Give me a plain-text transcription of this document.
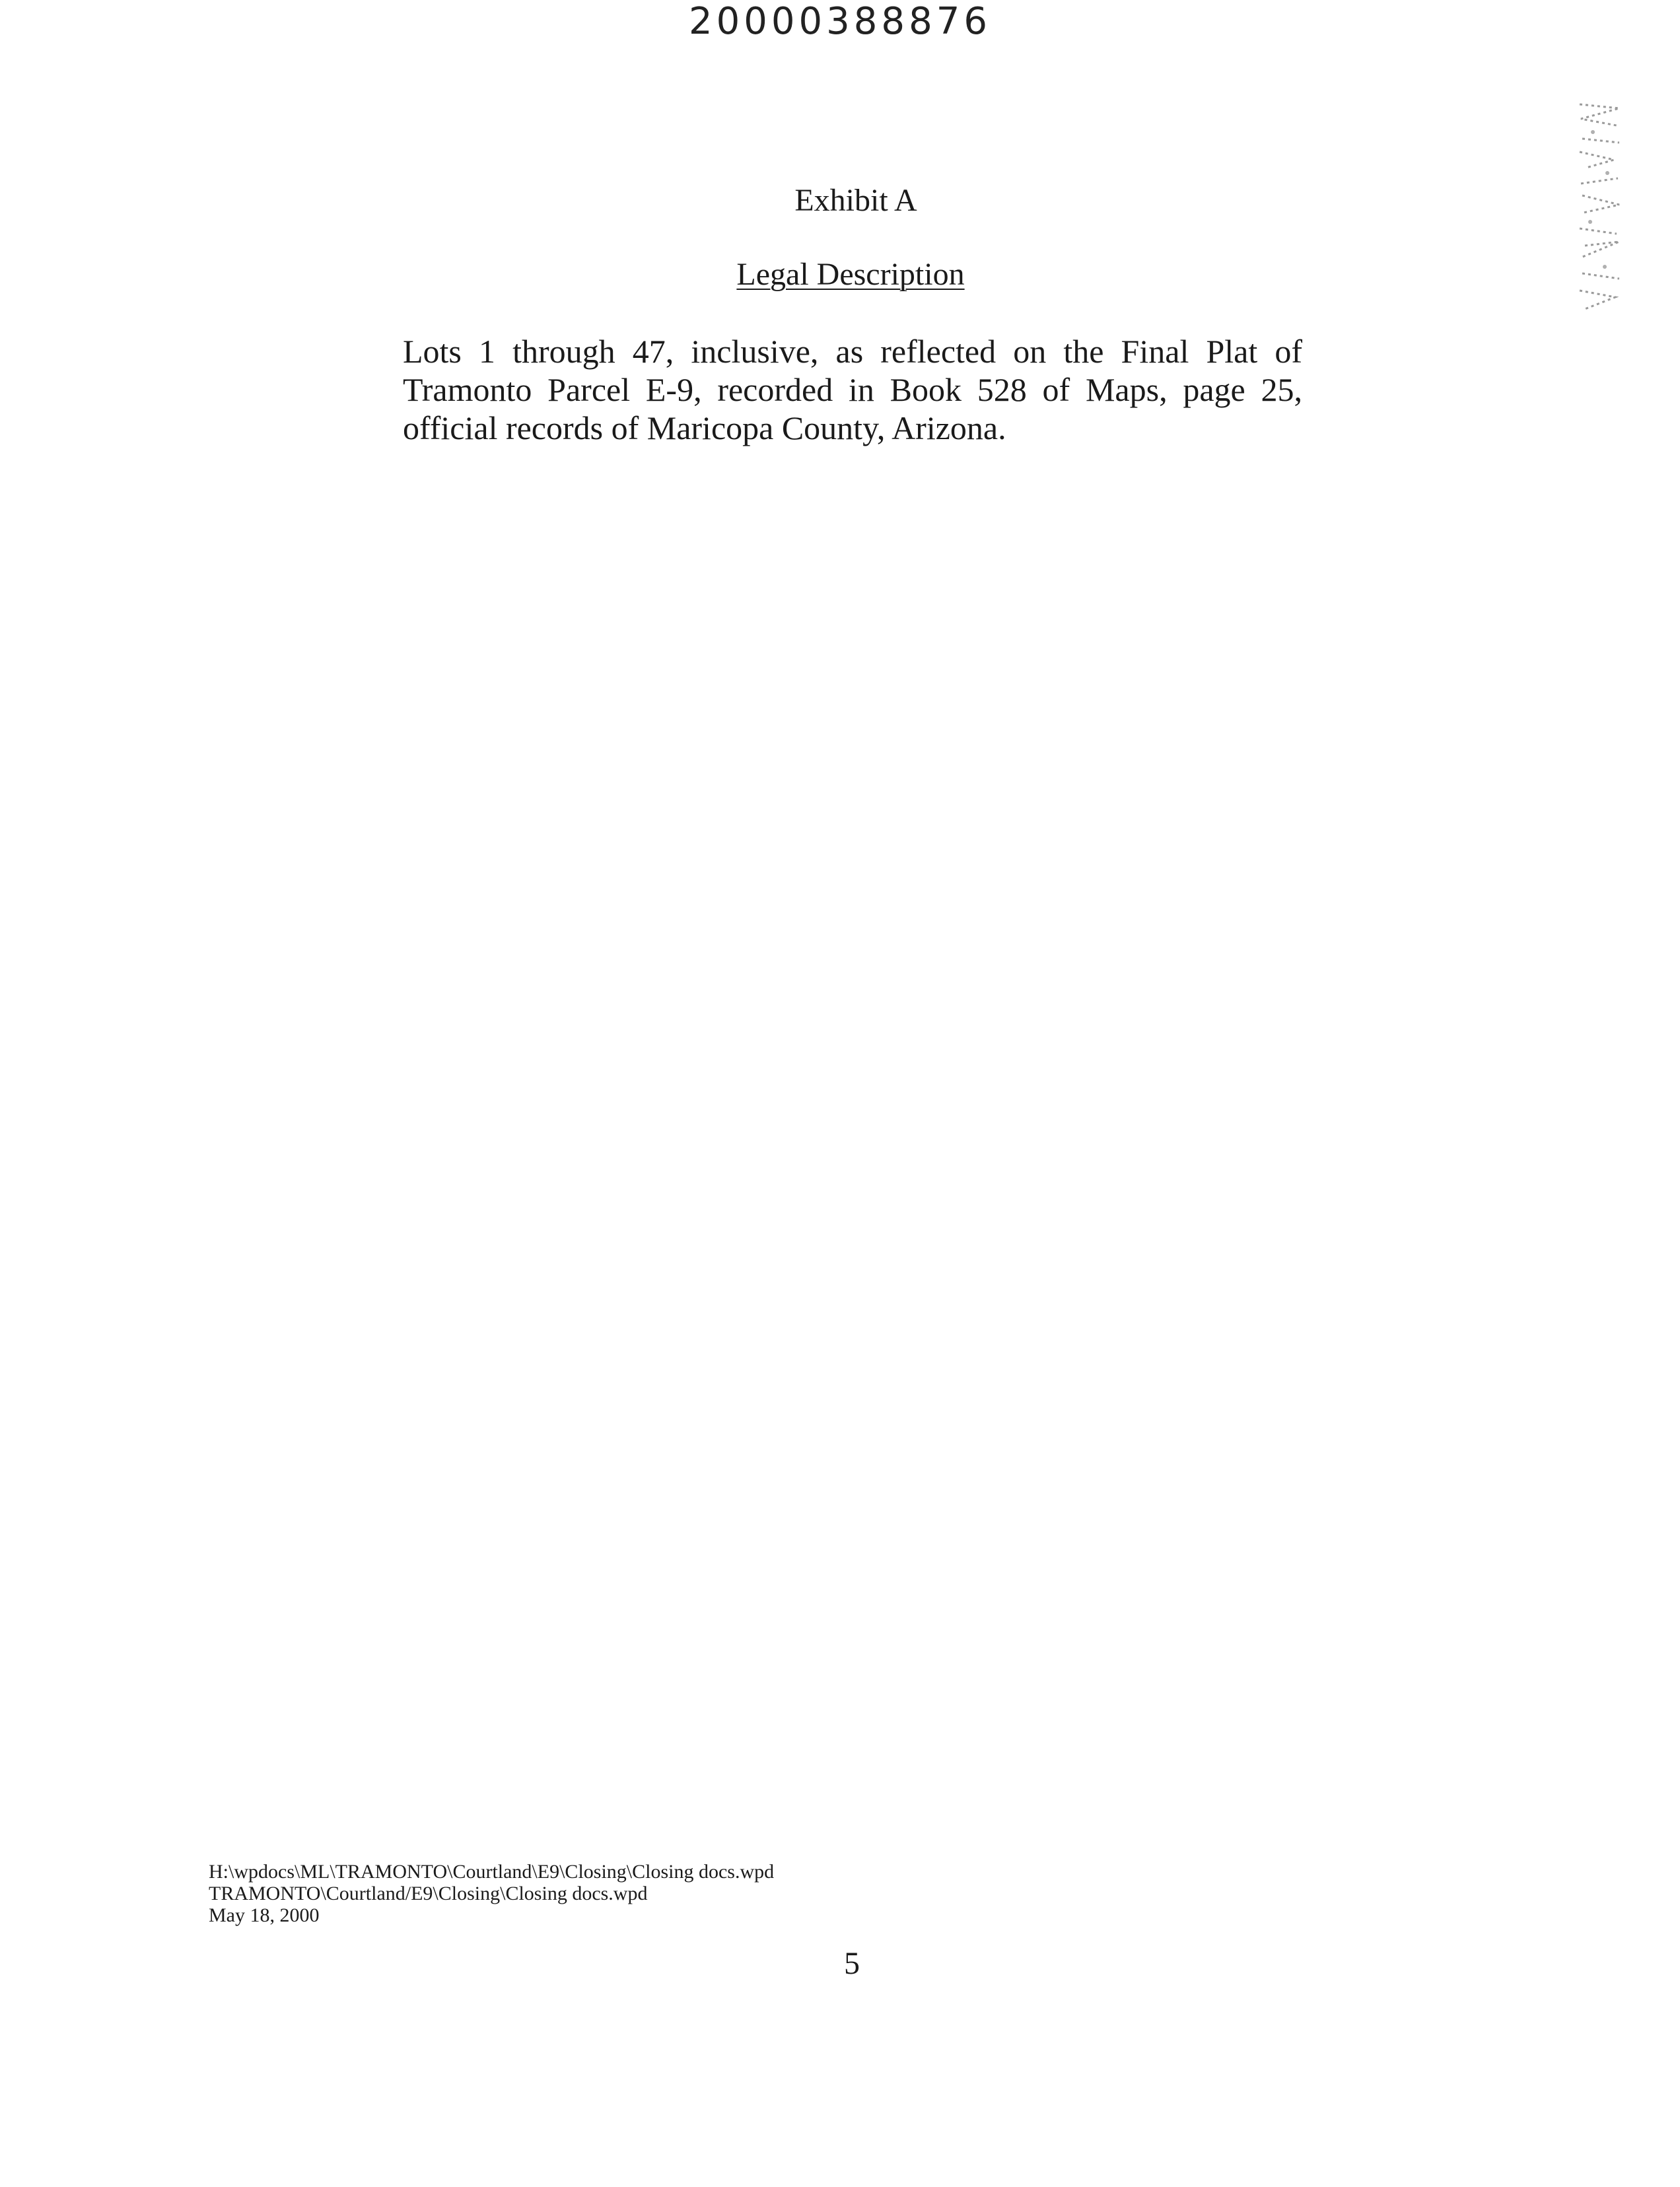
20000388876
Exhibit A
Legal Description
Lots 1 through 47, inclusive, as reflected on the Final Plat of Tramonto Parcel E-9, recorded in Book 528 of Maps, page 25, official records of Maricopa County, Arizona.
H:\wpdocs\ML\TRAMONTO\Courtland\E9\Closing\Closing docs.wpd
TRAMONTO\Courtland/E9\Closing\Closing docs.wpd
May 18, 2000
5
